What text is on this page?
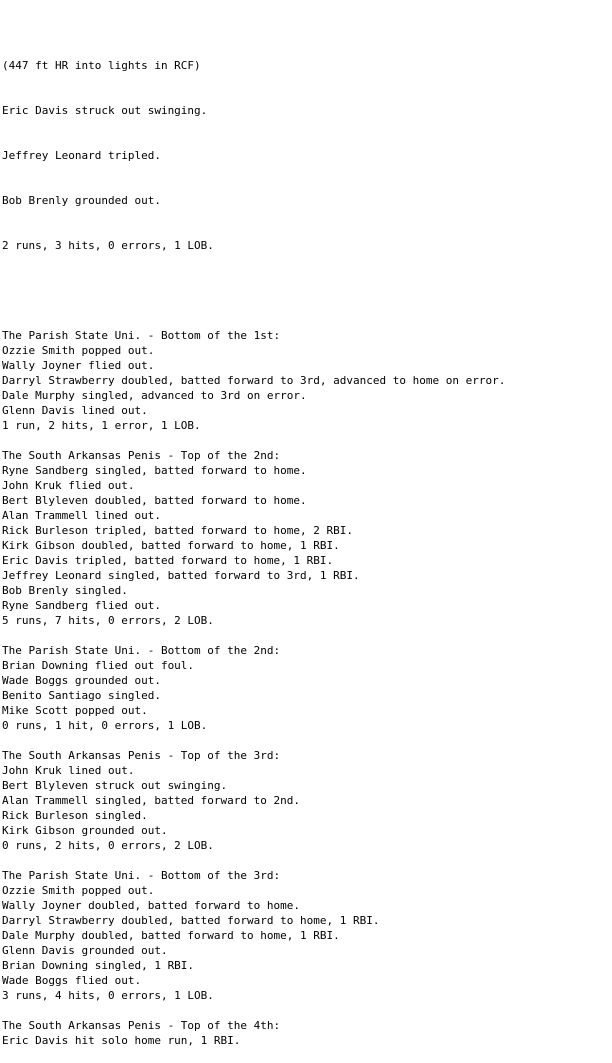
(447 ft HR into lights in RCF)

Eric Davis struck out swinging.

Jeffrey Leonard tripled.

Bob Brenly grounded out.

2 runs, 3 hits, 0 errors, 1 LOB.

The Parish State Uni. - Bottom of the 1st:
Ozzie Smith popped out.
Wally Joyner flied out.
Darryl Strawberry doubled, batted forward to 3rd, advanced to home on error.
Dale Murphy singled, advanced to 3rd on error.
Glenn Davis lined out.
1 run, 2 hits, 1 error, 1 LOB.
The South Arkansas Penis - Top of the 2nd:
Ryne Sandberg singled, batted forward to home.
John Kruk flied out.
Bert Blyleven doubled, batted forward to home.
Alan Trammell lined out.
Rick Burleson tripled, batted forward to home, 2 RBI.
Kirk Gibson doubled, batted forward to home, 1 RBI.
Eric Davis tripled, batted forward to home, 1 RBI.
Jeffrey Leonard singled, batted forward to 3rd, 1 RBI.
Bob Brenly singled.
Ryne Sandberg flied out.
5 runs, 7 hits, 0 errors, 2 LOB.
The Parish State Uni. - Bottom of the 2nd:
Brian Downing flied out foul.
Wade Boggs grounded out.
Benito Santiago singled.
Mike Scott popped out.
0 runs, 1 hit, 0 errors, 1 LOB.
The South Arkansas Penis - Top of the 3rd:
John Kruk lined out.
Bert Blyleven struck out swinging.
Alan Trammell singled, batted forward to 2nd.
Rick Burleson singled.
Kirk Gibson grounded out.
0 runs, 2 hits, 0 errors, 2 LOB.
The Parish State Uni. - Bottom of the 3rd:
Ozzie Smith popped out.
Wally Joyner doubled, batted forward to home.
Darryl Strawberry doubled, batted forward to home, 1 RBI.
Dale Murphy doubled, batted forward to home, 1 RBI.
Glenn Davis grounded out.
Brian Downing singled, 1 RBI.
Wade Boggs flied out.
3 runs, 4 hits, 0 errors, 1 LOB.
The South Arkansas Penis - Top of the 4th:
Eric Davis hit solo home run, 1 RBI.
